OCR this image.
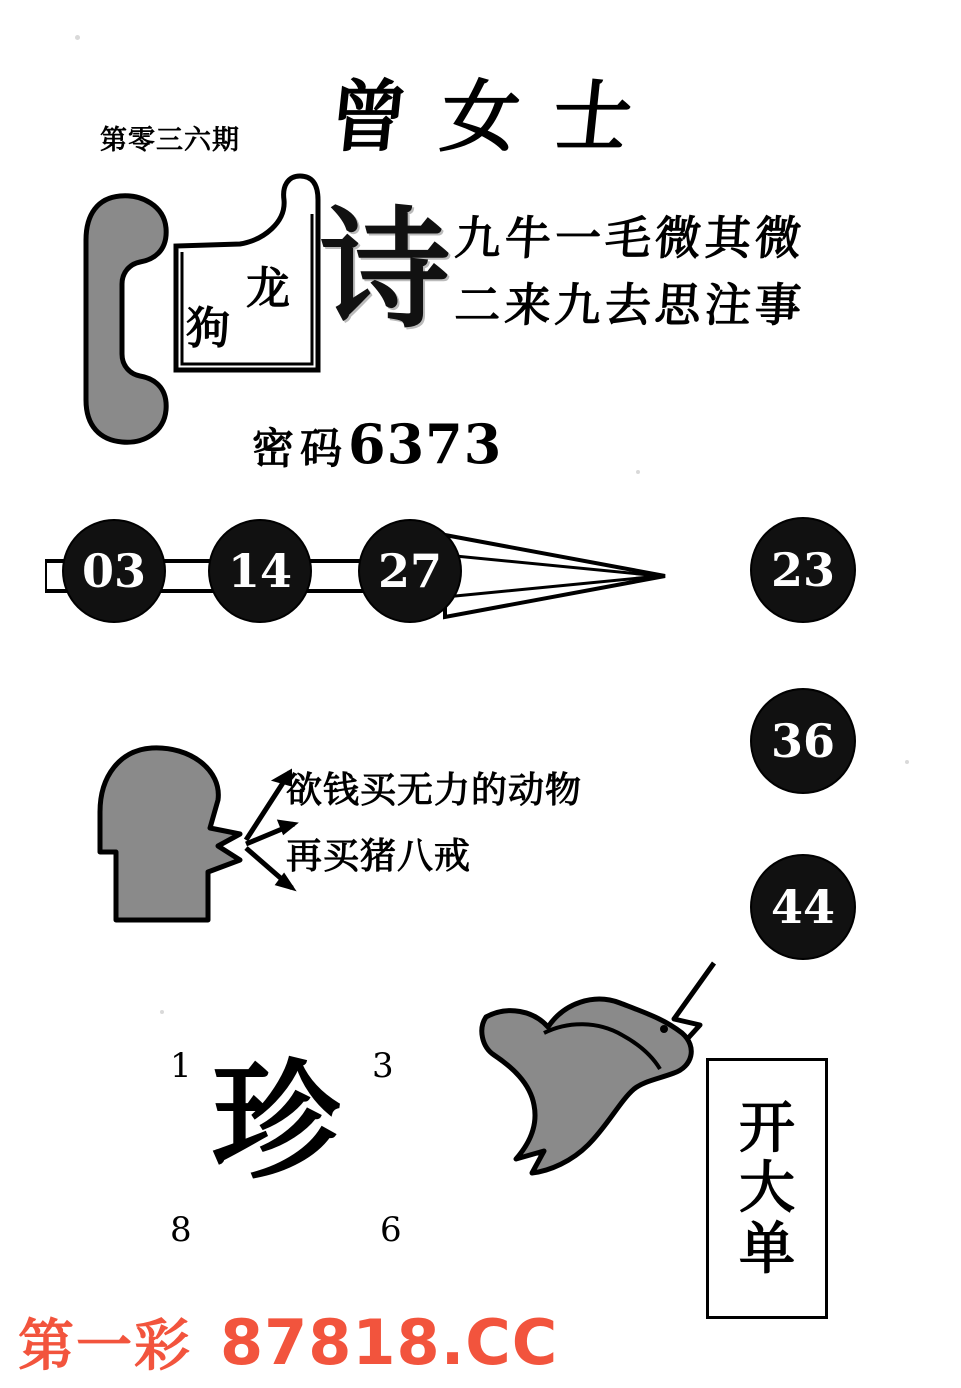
第零三六期 曾女士
龙
狗 诗 九牛一毛微其微
二来九去思注事
密码 6373
03	14	27	23
36
44
欲钱买无力的动物
再买猪八戒
1	3
珍
8	6
开
大
单
第一彩 87818.CC
